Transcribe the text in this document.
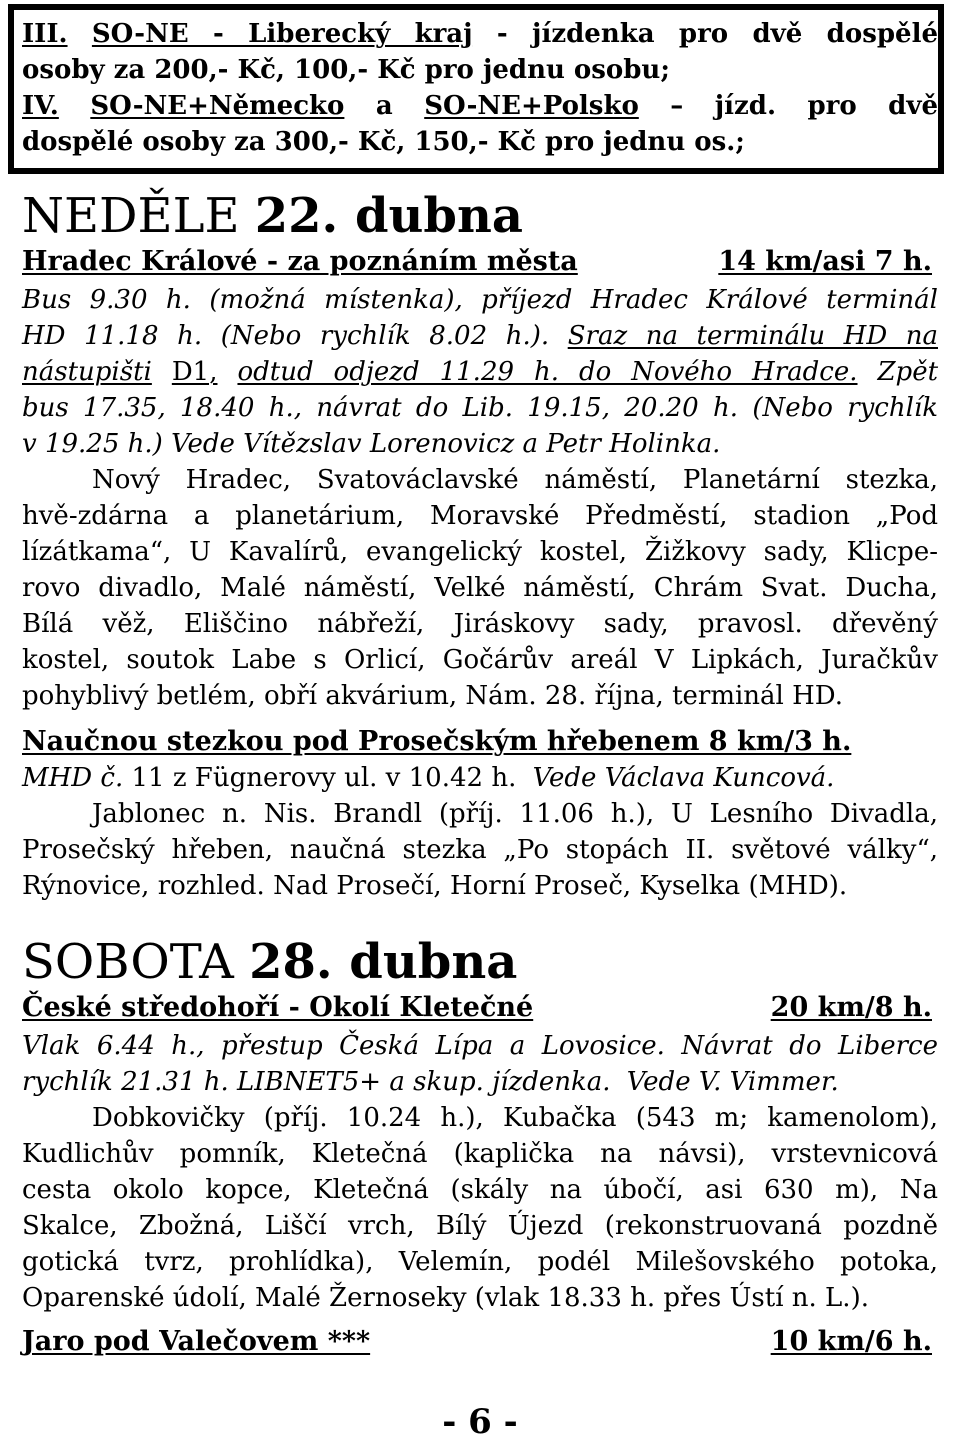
III. SO-NE - Liberecký kraj - jízdenka pro dvě dospělé
osoby za 200,- Kč, 100,- Kč pro jednu osobu;
IV. SO-NE+Německo a SO-NE+Polsko – jízd. pro dvě
dospělé osoby za 300,- Kč, 150,- Kč pro jednu os.;
NEDĚLE 22. dubna
Hradec Králové - za poznáním města	14 km/asi 7 h.
Bus 9.30 h. (možná místenka), příjezd Hradec Králové terminál
HD 11.18 h. (Nebo rychlík 8.02 h.). Sraz na terminálu HD na
nástupišti D1, odtud odjezd 11.29 h. do Nového Hradce. Zpět
bus 17.35, 18.40 h., návrat do Lib. 19.15, 20.20 h. (Nebo rychlík
v 19.25 h.) Vede Vítězslav Lorenovicz a Petr Holinka.
Nový Hradec, Svatováclavské náměstí, Planetární stezka,
hvě-zdárna a planetárium, Moravské Předměstí, stadion „Pod
lízátkama“, U Kavalírů, evangelický kostel, Žižkovy sady, Klicpe-
rovo divadlo, Malé náměstí, Velké náměstí, Chrám Svat. Ducha,
Bílá věž, Eliščino nábřeží, Jiráskovy sady, pravosl. dřevěný
kostel, soutok Labe s Orlicí, Gočárův areál V Lipkách, Juračkův
pohyblivý betlém, obří akvárium, Nám. 28. října, terminál HD.
Naučnou stezkou pod Prosečským hřebenem 8 km/3 h.
MHD č. 11 z Fügnerovy ul. v 10.42 h. Vede Václava Kuncová.
Jablonec n. Nis. Brandl (příj. 11.06 h.), U Lesního Divadla,
Prosečský hřeben, naučná stezka „Po stopách II. světové války“,
Rýnovice, rozhled. Nad Prosečí, Horní Proseč, Kyselka (MHD).
SOBOTA 28. dubna
České středohoří - Okolí Kletečné	20 km/8 h.
Vlak 6.44 h., přestup Česká Lípa a Lovosice. Návrat do Liberce
rychlík 21.31 h. LIBNET5+ a skup. jízdenka. Vede V. Vimmer.
Dobkovičky (příj. 10.24 h.), Kubačka (543 m; kamenolom),
Kudlichův pomník, Kletečná (kaplička na návsi), vrstevnicová
cesta okolo kopce, Kletečná (skály na úbočí, asi 630 m), Na
Skalce, Zbožná, Liščí vrch, Bílý Újezd (rekonstruovaná pozdně
gotická tvrz, prohlídka), Velemín, podél Milešovského potoka,
Oparenské údolí, Malé Žernoseky (vlak 18.33 h. přes Ústí n. L.).
Jaro pod Valečovem ***	10 km/6 h.
- 6 -
